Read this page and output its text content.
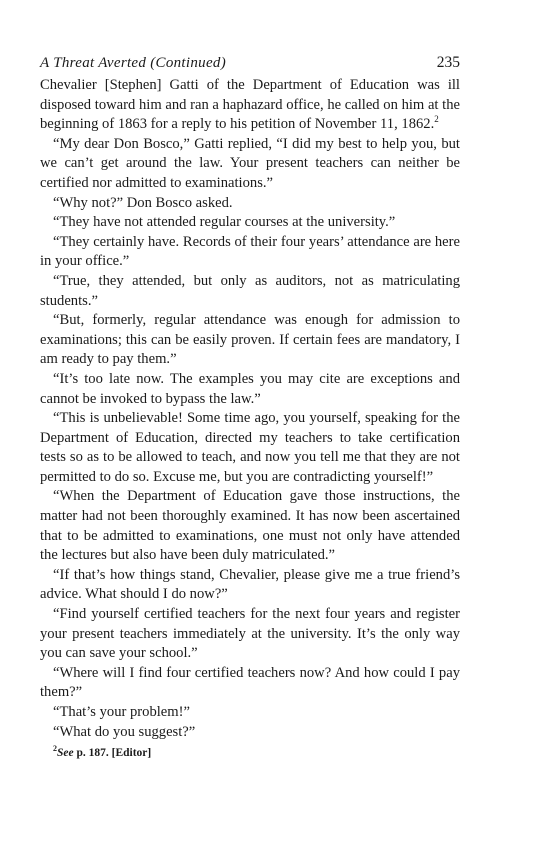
A Threat Averted (Continued)	235

Chevalier [Stephen] Gatti of the Department of Education was ill disposed toward him and ran a haphazard office, he called on him at the beginning of 1863 for a reply to his petition of November 11, 1862.$^2$

“My dear Don Bosco,” Gatti replied, “I did my best to help you, but we can’t get around the law. Your present teachers can neither be certified nor admitted to examinations.”

“Why not?” Don Bosco asked.

“They have not attended regular courses at the university.”

“They certainly have. Records of their four years’ attendance are here in your office.”

“True, they attended, but only as auditors, not as matriculating students.”

“But, formerly, regular attendance was enough for admission to examinations; this can be easily proven. If certain fees are mandatory, I am ready to pay them.”

“It’s too late now. The examples you may cite are exceptions and cannot be invoked to bypass the law.”

“This is unbelievable! Some time ago, you yourself, speaking for the Department of Education, directed my teachers to take certification tests so as to be allowed to teach, and now you tell me that they are not permitted to do so. Excuse me, but you are contradicting yourself!”

“When the Department of Education gave those instructions, the matter had not been thoroughly examined. It has now been ascertained that to be admitted to examinations, one must not only have attended the lectures but also have been duly matriculated.”

“If that’s how things stand, Chevalier, please give me a true friend’s advice. What should I do now?”

“Find yourself certified teachers for the next four years and register your present teachers immediately at the university. It’s the only way you can save your school.”

“Where will I find four certified teachers now? And how could I pay them?”

“That’s your problem!”

“What do you suggest?”

$^2$See p. 187. [Editor]
